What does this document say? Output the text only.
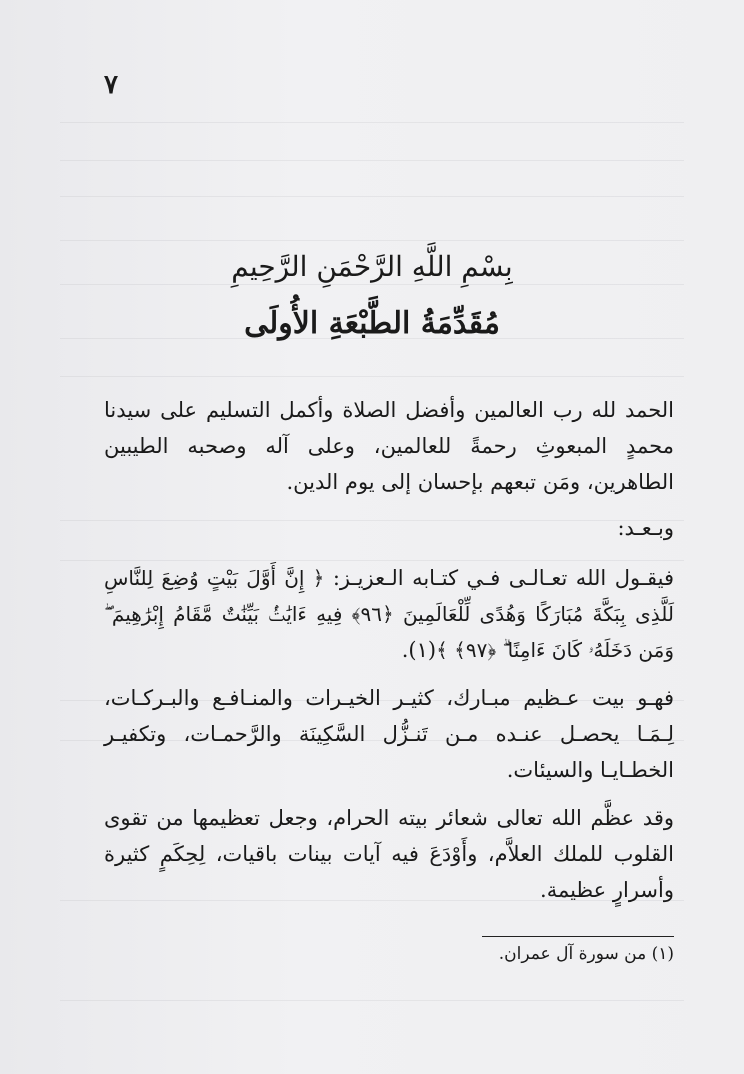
٧
بِسْمِ اللَّهِ الرَّحْمَنِ الرَّحِيمِ
مُقَدِّمَةُ الطَّبْعَةِ الأُولَى

الحمد لله رب العالمين وأفضل الصلاة وأكمل التسليم على سيدنا محمدٍ المبعوثِ رحمةً للعالمين، وعلى آله وصحبه الطيبين الطاهرين، ومَن تبعهم بإحسان إلى يوم الدين.

وبـعـد:

فيقـول الله تعـالـى فـي كتـابه الـعزيـز: ﴿ إِنَّ أَوَّلَ بَيْتٍ وُضِعَ لِلنَّاسِ لَلَّذِى بِبَكَّةَ مُبَارَكًا وَهُدًى لِّلْعَالَمِينَ ﴿٩٦﴾ فِيهِ ءَايَٰتُۢ بَيِّنَٰتٌ مَّقَامُ إِبْرَٰهِيمَ ۖ وَمَن دَخَلَهُۥ كَانَ ءَامِنًا ۗ ﴿٩٧﴾ ﴾(١).

فهـو بيت عـظيم مبـارك، كثيـر الخيـرات والمنـافـع والبـركـات، لِـمَـا يحصـل عنـده مـن تَنـزُّل السَّكِينَة والرَّحمـات، وتكفيـر الخطـايـا والسيئات.

وقد عظَّم الله تعالى شعائر بيته الحرام، وجعل تعظيمها من تقوى القلوب للملك العلاَّم، وأَوْدَعَ فيه آيات بينات باقيات، لِحِكَمٍ كثيرة وأسرارٍ عظيمة.

(١) من سورة آل عمران.
